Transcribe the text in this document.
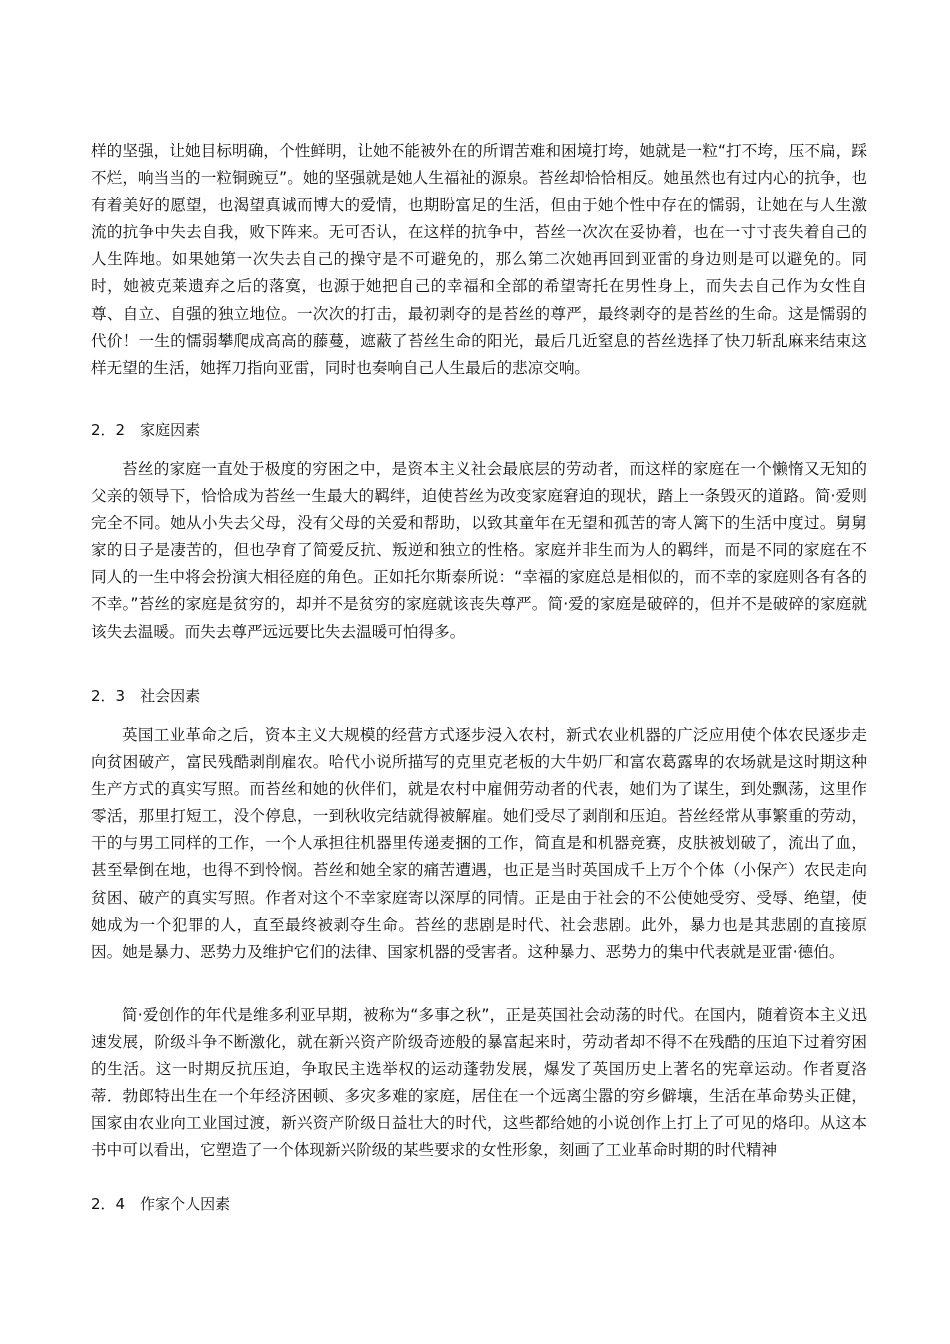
样的坚强，让她目标明确，个性鲜明，让她不能被外在的所谓苦难和困境打垮，她就是一粒“打不垮，压不扁，踩不烂，响当当的一粒铜豌豆”。她的坚强就是她人生福祉的源泉。苔丝却恰恰相反。她虽然也有过内心的抗争，也有着美好的愿望，也渴望真诚而博大的爱情，也期盼富足的生活，但由于她个性中存在的懦弱，让她在与人生激流的抗争中失去自我，败下阵来。无可否认，在这样的抗争中，苔丝一次次在妥协着，也在一寸寸丧失着自己的人生阵地。如果她第一次失去自己的操守是不可避免的，那么第二次她再回到亚雷的身边则是可以避免的。同时，她被克莱遗弃之后的落寞，也源于她把自己的幸福和全部的希望寄托在男性身上，而失去自己作为女性自尊、自立、自强的独立地位。一次次的打击，最初剥夺的是苔丝的尊严，最终剥夺的是苔丝的生命。这是懦弱的代价！一生的懦弱攀爬成高高的藤蔓，遮蔽了苔丝生命的阳光，最后几近窒息的苔丝选择了快刀斩乱麻来结束这样无望的生活，她挥刀指向亚雷，同时也奏响自己人生最后的悲凉交响。

2．2　家庭因素

苔丝的家庭一直处于极度的穷困之中，是资本主义社会最底层的劳动者，而这样的家庭在一个懒惰又无知的父亲的领导下，恰恰成为苔丝一生最大的羁绊，迫使苔丝为改变家庭窘迫的现状，踏上一条毁灭的道路。简·爱则完全不同。她从小失去父母，没有父母的关爱和帮助，以致其童年在无望和孤苦的寄人篱下的生活中度过。舅舅家的日子是凄苦的，但也孕育了简爱反抗、叛逆和独立的性格。家庭并非生而为人的羁绊，而是不同的家庭在不同人的一生中将会扮演大相径庭的角色。正如托尔斯泰所说：“幸福的家庭总是相似的，而不幸的家庭则各有各的不幸。”苔丝的家庭是贫穷的，却并不是贫穷的家庭就该丧失尊严。简·爱的家庭是破碎的，但并不是破碎的家庭就该失去温暖。而失去尊严远远要比失去温暖可怕得多。

2．3　社会因素

英国工业革命之后，资本主义大规模的经营方式逐步浸入农村，新式农业机器的广泛应用使个体农民逐步走向贫困破产，富民残酷剥削雇农。哈代小说所描写的克里克老板的大牛奶厂和富农葛露卑的农场就是这时期这种生产方式的真实写照。而苔丝和她的伙伴们，就是农村中雇佣劳动者的代表，她们为了谋生，到处飘荡，这里作零活，那里打短工，没个停息，一到秋收完结就得被解雇。她们受尽了剥削和压迫。苔丝经常从事繁重的劳动，干的与男工同样的工作，一个人承担往机器里传递麦捆的工作，简直是和机器竞赛，皮肤被划破了，流出了血，甚至晕倒在地，也得不到怜悯。苔丝和她全家的痛苦遭遇，也正是当时英国成千上万个个体（小保产）农民走向贫困、破产的真实写照。作者对这个不幸家庭寄以深厚的同情。正是由于社会的不公使她受穷、受辱、绝望，使她成为一个犯罪的人，直至最终被剥夺生命。苔丝的悲剧是时代、社会悲剧。此外，暴力也是其悲剧的直接原因。她是暴力、恶势力及维护它们的法律、国家机器的受害者。这种暴力、恶势力的集中代表就是亚雷·德伯。

简·爱创作的年代是维多利亚早期，被称为“多事之秋”，正是英国社会动荡的时代。在国内，随着资本主义迅速发展，阶级斗争不断激化，就在新兴资产阶级奇迹般的暴富起来时，劳动者却不得不在残酷的压迫下过着穷困的生活。这一时期反抗压迫，争取民主选举权的运动蓬勃发展，爆发了英国历史上著名的宪章运动。作者夏洛蒂．勃郎特出生在一个年经济困顿、多灾多难的家庭，居住在一个远离尘嚣的穷乡僻壤，生活在革命势头正健，国家由农业向工业国过渡，新兴资产阶级日益壮大的时代，这些都给她的小说创作上打上了可见的烙印。从这本书中可以看出，它塑造了一个体现新兴阶级的某些要求的女性形象，刻画了工业革命时期的时代精神

2．4　作家个人因素
